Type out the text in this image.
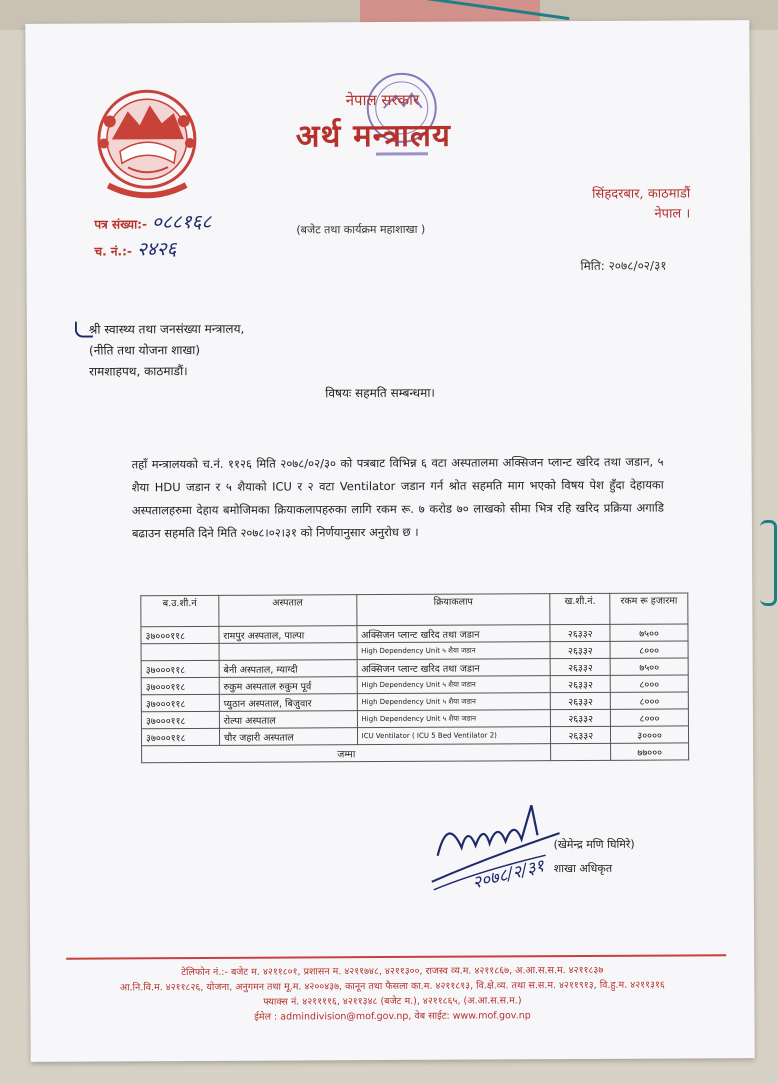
नेपाल सरकार
अर्थ मन्त्रालय
सिंहदरबार, काठमाडौं
नेपाल ।
पत्र संख्या:- ०८८१६८
च. नं.:- २४२६
(बजेट तथा कार्यक्रम महाशाखा )
मिति: २०७८/०२/३१
श्री स्वास्थ्य तथा जनसंख्या मन्त्रालय,
(नीति तथा योजना शाखा)
रामशाहपथ, काठमाडौं।
विषयः सहमति सम्बन्धमा।
तहाँ मन्त्रालयको च.नं. ११२६ मिति २०७८/०२/३० को पत्रबाट विभिन्न ६ वटा अस्पतालमा अक्सिजन प्लान्ट खरिद तथा जडान, ५ शैया HDU जडान र ५ शैयाको ICU र २ वटा Ventilator जडान गर्न श्रोत सहमति माग भएको विषय पेश हुँदा देहायका अस्पतालहरुमा देहाय बमोजिमका क्रियाकलापहरुका लागि रकम रू. ७ करोड ७० लाखको सीमा भित्र रहि खरिद प्रक्रिया अगाडि बढाउन सहमति दिने मिति २०७८।०२।३१ को निर्णयानुसार अनुरोध छ ।
ब.उ.शी.नं	अस्पताल	क्रियाकलाप	ख.शी.नं.	रकम रू हजारमा
३७०००११८	रामपुर अस्पताल, पाल्पा	अक्सिजन प्लान्ट खरिद तथा जडान	२६३३२	७५००
		High Dependency Unit ५ शैया जडान	२६३३२	८०००
३७०००११८	बेनी अस्पताल, म्याग्दी	अक्सिजन प्लान्ट खरिद तथा जडान	२६३३२	७५००
३७०००११८	रुकुम अस्पताल रुकुम पूर्व	High Dependency Unit ५ शैया जडान	२६३३२	८०००
३७०००११८	प्युठान अस्पताल, बिजुवार	High Dependency Unit ५ शैया जडान	२६३३२	८०००
३७०००११८	रोल्पा अस्पताल	High Dependency Unit ५ शैया जडान	२६३३२	८०००
३७०००११८	चौर जहारी अस्पताल	ICU Ventilator ( ICU 5 Bed Ventilator 2)	२६३३२	३००००
जम्मा				७७०००
२०७८/२/३१
(खेमेन्द्र मणि घिमिरे)
शाखा अधिकृत
टेलिफोन नं.:- बजेट म. ४२११८०१, प्रशासन म. ४२११७४८, ४२११३००, राजस्व व्य.म. ४२११८६७, अ.आ.स.स.म. ४२११८३७
आ.नि.वि.म. ४२११८२६, योजना, अनुगमन तथा मू.म. ४२००४३७, कानून तथा फैसला का.म. ४२११८१३, वि.क्षे.व्य. तथा स.स.म. ४२११९१३, वि.हु.म. ४२११३१६
फ्याक्स नं. ४२११११६, ४२११३४८ (बजेट म.), ४२११८६५, (अ.आ.स.स.म.)
ईमेल : admindivision@mof.gov.np, वेब साईट: www.mof.gov.np
